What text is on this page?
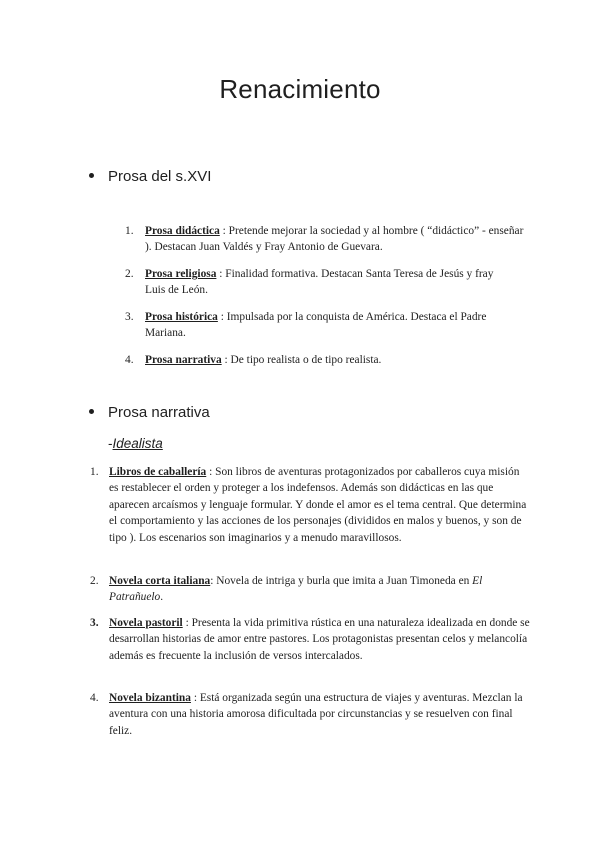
Renacimiento
Prosa del s.XVI
1. Prosa didáctica : Pretende mejorar la sociedad y al hombre ( “didáctico” - enseñar ). Destacan Juan Valdés y Fray Antonio de Guevara.
2. Prosa religiosa : Finalidad formativa. Destacan Santa Teresa de Jesús y fray Luis de León.
3. Prosa histórica : Impulsada por la conquista de América. Destaca el Padre Mariana.
4. Prosa narrativa : De tipo realista o de tipo realista.
Prosa narrativa
-Idealista
1. Libros de caballería : Son libros de aventuras protagonizados por caballeros cuya misión es restablecer el orden y proteger a los indefensos. Además son didácticas en las que aparecen arcaísmos y lenguaje formular. Y donde el amor es el tema central. Que determina el comportamiento y las acciones de los personajes (divididos en malos y buenos, y son de tipo ). Los escenarios son imaginarios y a menudo maravillosos.
2. Novela corta italiana: Novela de intriga y burla que imita a Juan Timoneda en El Patrañuelo.
3. Novela pastoril : Presenta la vida primitiva rústica en una naturaleza idealizada en donde se desarrollan historias de amor entre pastores. Los protagonistas presentan celos y melancolía además es frecuente la inclusión de versos intercalados.
4. Novela bizantina : Está organizada según una estructura de viajes y aventuras. Mezclan la aventura con una historia amorosa dificultada por circunstancias y se resuelven con final feliz.
